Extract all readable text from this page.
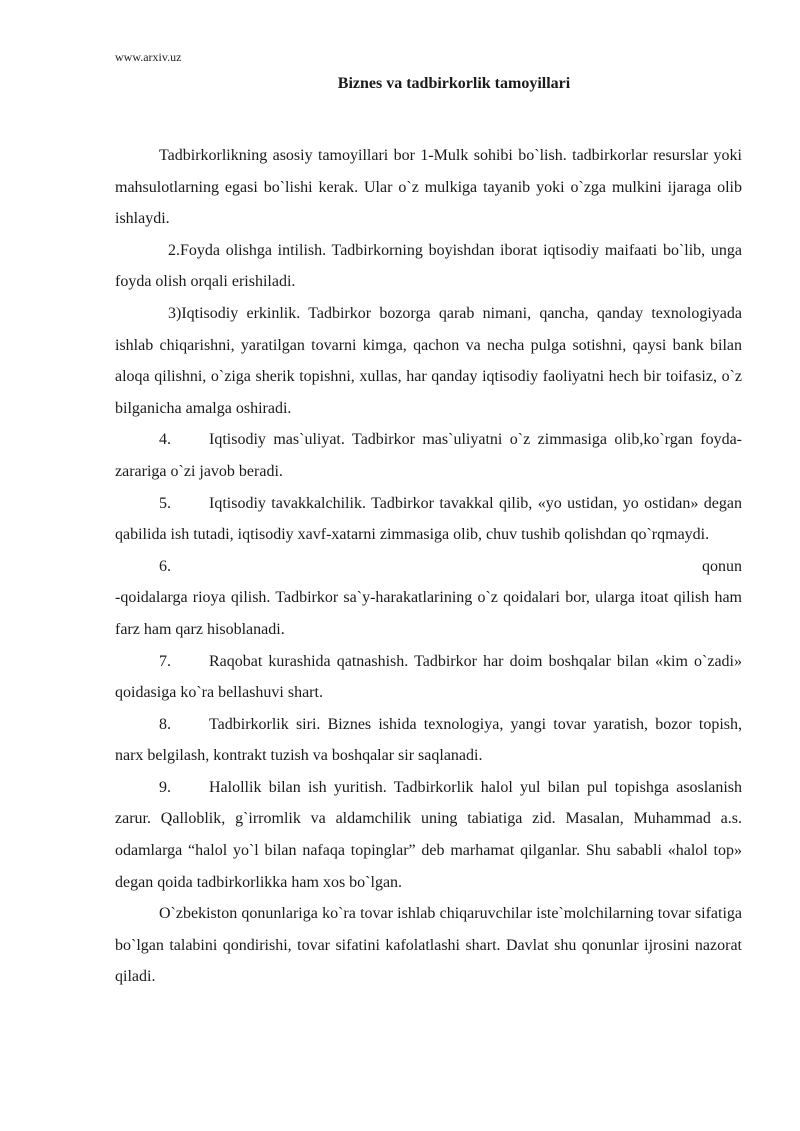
www.arxiv.uz
Biznes va tadbirkorlik tamoyillari

Tadbirkorlikning asosiy tamoyillari bor 1-Mulk sohibi bo`lish. tadbirkorlar resurslar yoki mahsulotlarning egasi bo`lishi kerak. Ular o`z mulkiga tayanib yoki o`zga mulkini ijaraga olib ishlaydi.

2.Foyda olishga intilish. Tadbirkorning boyishdan iborat iqtisodiy maifaati bo`lib, unga foyda olish orqali erishiladi.

3)Iqtisodiy erkinlik. Tadbirkor bozorga qarab nimani, qancha, qanday texnologiyada ishlab chiqarishni, yaratilgan tovarni kimga, qachon va necha pulga sotishni, qaysi bank bilan aloqa qilishni, o`ziga sherik topishni, xullas, har qanday iqtisodiy faoliyatni hech bir toifasiz, o`z bilganicha amalga oshiradi.

4. Iqtisodiy mas`uliyat. Tadbirkor mas`uliyatni o`z zimmasiga olib,ko`rgan foyda-zarariga o`zi javob beradi.

5. Iqtisodiy tavakkalchilik. Tadbirkor tavakkal qilib, «yo ustidan, yo ostidan» degan qabilida ish tutadi, iqtisodiy xavf-xatarni zimmasiga olib, chuv tushib qolishdan qo`rqmaydi.

6.	qonun

-qoidalarga rioya qilish. Tadbirkor sa`y-harakatlarining o`z qoidalari bor, ularga itoat qilish ham farz ham qarz hisoblanadi.

7. Raqobat kurashida qatnashish. Tadbirkor har doim boshqalar bilan «kim o`zadi» qoidasiga ko`ra bellashuvi shart.

8. Tadbirkorlik siri. Biznes ishida texnologiya, yangi tovar yaratish, bozor topish, narx belgilash, kontrakt tuzish va boshqalar sir saqlanadi.

9. Halollik bilan ish yuritish. Tadbirkorlik halol yul bilan pul topishga asoslanish zarur. Qalloblik, g`irromlik va aldamchilik uning tabiatiga zid. Masalan, Muhammad a.s. odamlarga “halol yo`l bilan nafaqa topinglar” deb marhamat qilganlar. Shu sababli «halol top» degan qoida tadbirkorlikka ham xos bo`lgan.

O`zbekiston qonunlariga ko`ra tovar ishlab chiqaruvchilar iste`molchilarning tovar sifatiga bo`lgan talabini qondirishi, tovar sifatini kafolatlashi shart. Davlat shu qonunlar ijrosini nazorat qiladi.
